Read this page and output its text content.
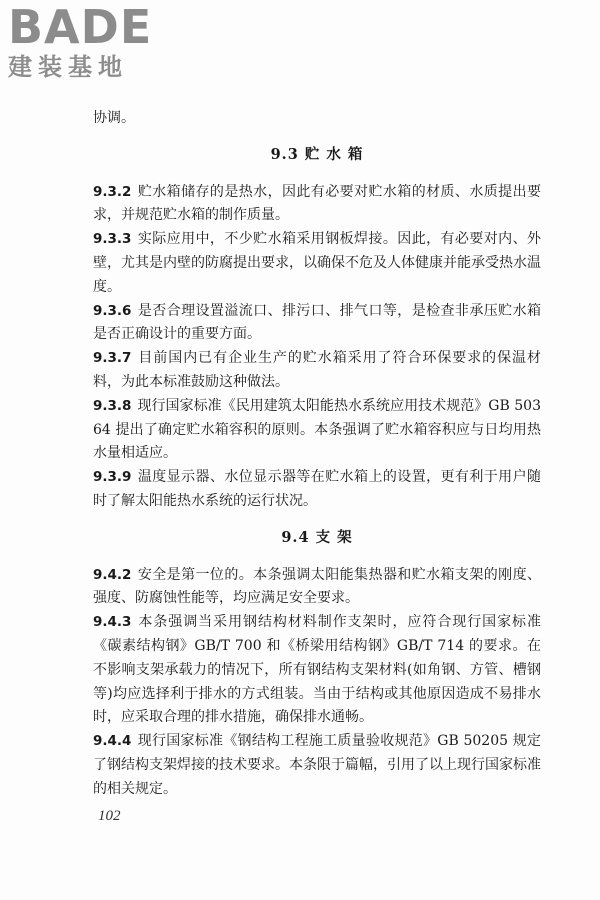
BADE
建装基地

协调。

9.3 贮 水 箱

9.3.2 贮水箱储存的是热水，因此有必要对贮水箱的材质、水质提出要求，并规范贮水箱的制作质量。

9.3.3 实际应用中，不少贮水箱采用钢板焊接。因此，有必要对内、外壁，尤其是内壁的防腐提出要求，以确保不危及人体健康并能承受热水温度。

9.3.6 是否合理设置溢流口、排污口、排气口等，是检查非承压贮水箱是否正确设计的重要方面。

9.3.7 目前国内已有企业生产的贮水箱采用了符合环保要求的保温材料，为此本标准鼓励这种做法。

9.3.8 现行国家标准《民用建筑太阳能热水系统应用技术规范》GB 50364 提出了确定贮水箱容积的原则。本条强调了贮水箱容积应与日均用热水量相适应。

9.3.9 温度显示器、水位显示器等在贮水箱上的设置，更有利于用户随时了解太阳能热水系统的运行状况。

9.4 支 架

9.4.2 安全是第一位的。本条强调太阳能集热器和贮水箱支架的刚度、强度、防腐蚀性能等，均应满足安全要求。

9.4.3 本条强调当采用钢结构材料制作支架时，应符合现行国家标准《碳素结构钢》GB/T 700 和《桥梁用结构钢》GB/T 714 的要求。在不影响支架承载力的情况下，所有钢结构支架材料(如角钢、方管、槽钢等)均应选择利于排水的方式组装。当由于结构或其他原因造成不易排水时，应采取合理的排水措施，确保排水通畅。

9.4.4 现行国家标准《钢结构工程施工质量验收规范》GB 50205 规定了钢结构支架焊接的技术要求。本条限于篇幅，引用了以上现行国家标准的相关规定。

102
